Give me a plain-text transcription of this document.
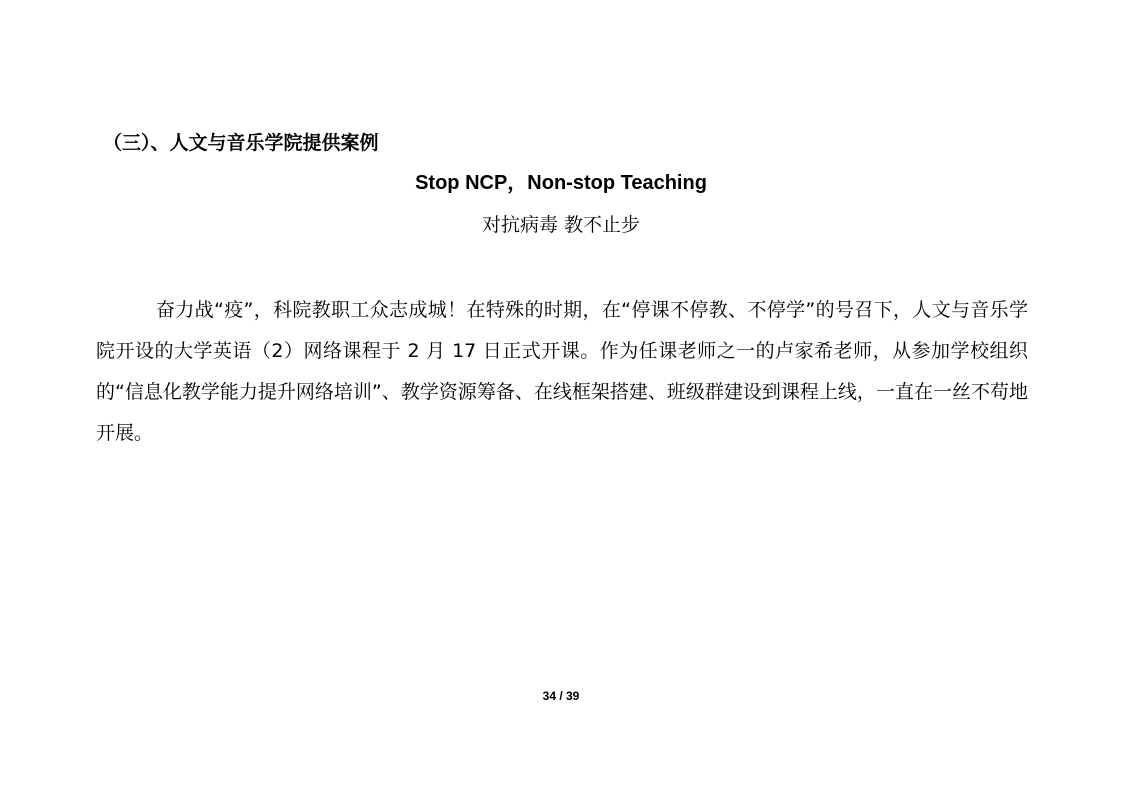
（三）、人文与音乐学院提供案例
Stop NCP，Non-stop Teaching
对抗病毒 教不止步

奋力战“疫”，科院教职工众志成城！在特殊的时期，在“停课不停教、不停学”的号召下，人文与音乐学院开设的大学英语（2）网络课程于 2 月 17 日正式开课。作为任课老师之一的卢家希老师，从参加学校组织的“信息化教学能力提升网络培训”、教学资源筹备、在线框架搭建、班级群建设到课程上线，一直在一丝不苟地开展。

34 / 39
